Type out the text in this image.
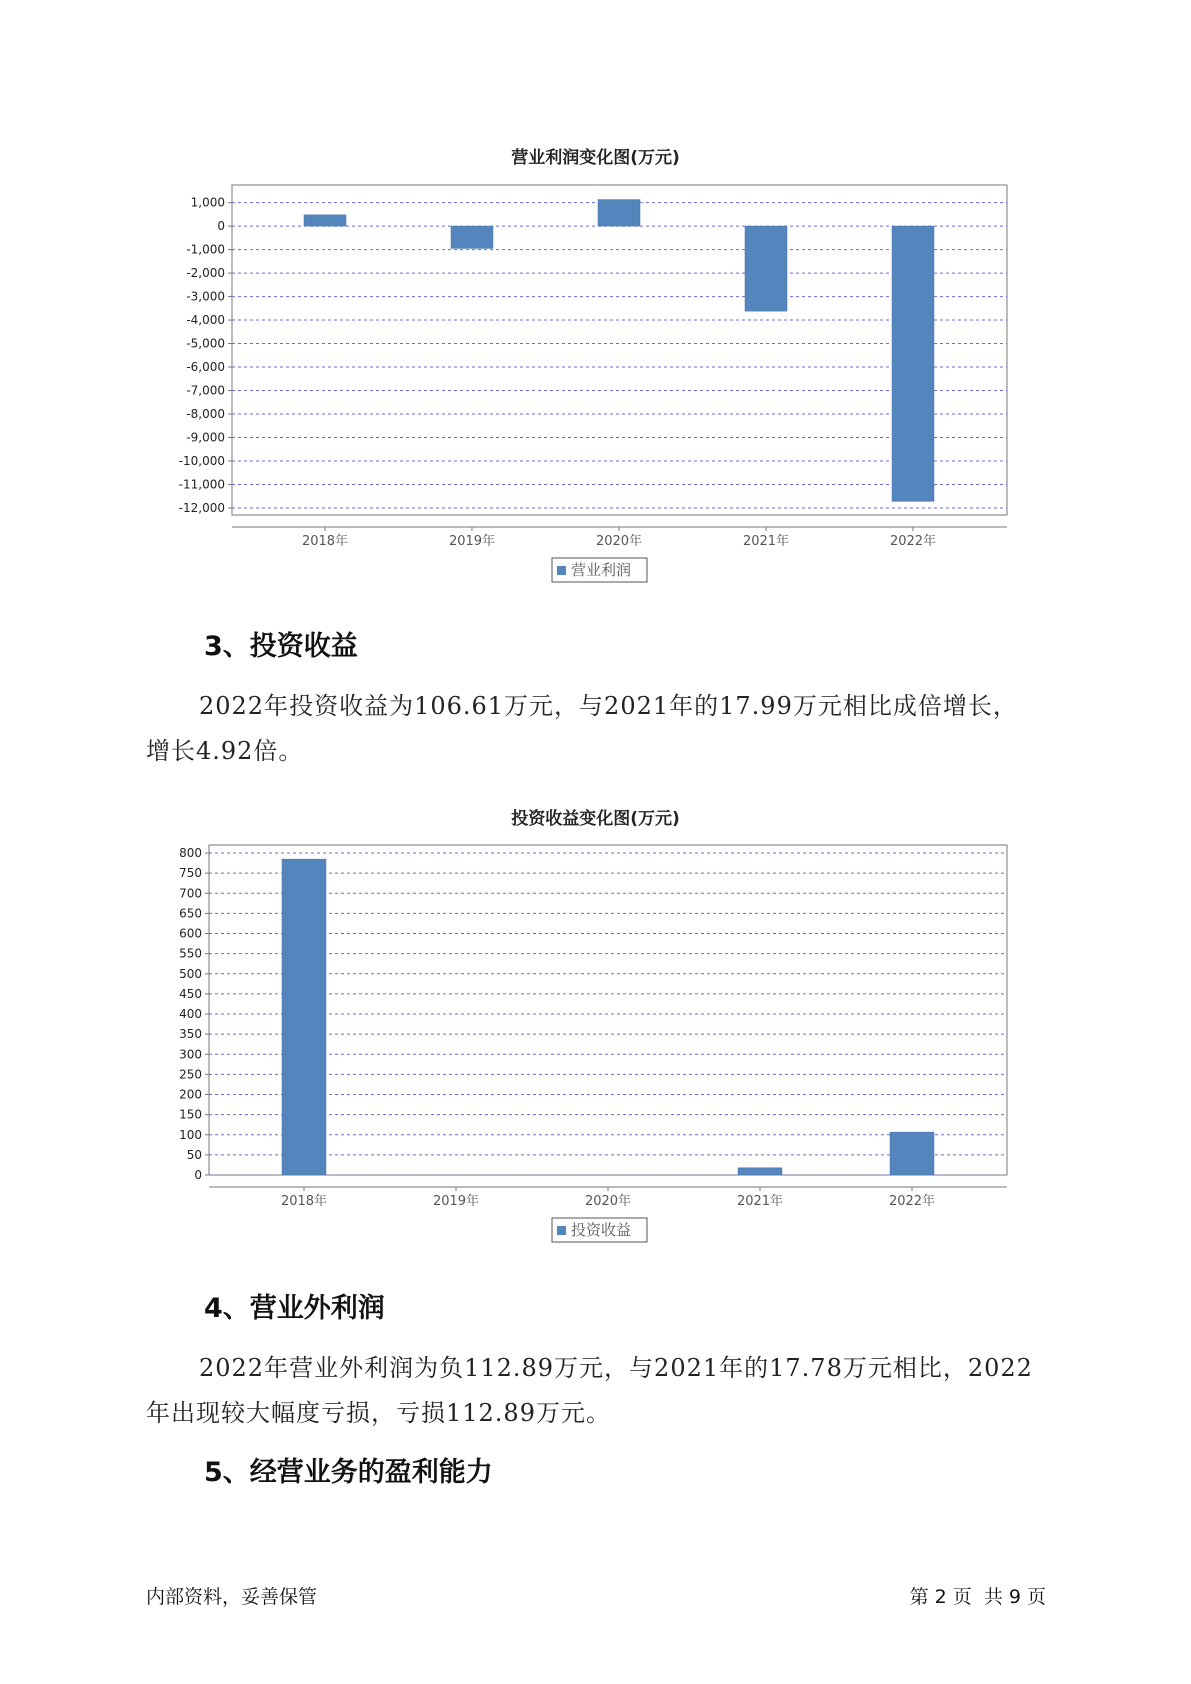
营业利润变化图(万元)
1,000
0
-1,000
-2,000
-3,000
-4,000
-5,000
-6,000
-7,000
-8,000
-9,000
-10,000
-11,000
-12,000
2018年	2019年	2020年	2021年	2022年
营业利润
3、投资收益

2022年投资收益为106.61万元，与2021年的17.99万元相比成倍增长，
增长4.92倍。

投资收益变化图(万元)
800
750
700
650
600
550
500
450
400
350
300
250
200
150
100
50
0
2018年	2019年	2020年	2021年	2022年
投资收益
4、营业外利润

2022年营业外利润为负112.89万元，与2021年的17.78万元相比，2022
年出现较大幅度亏损，亏损112.89万元。

5、经营业务的盈利能力
内部资料，妥善保管	第 2 页  共 9 页
